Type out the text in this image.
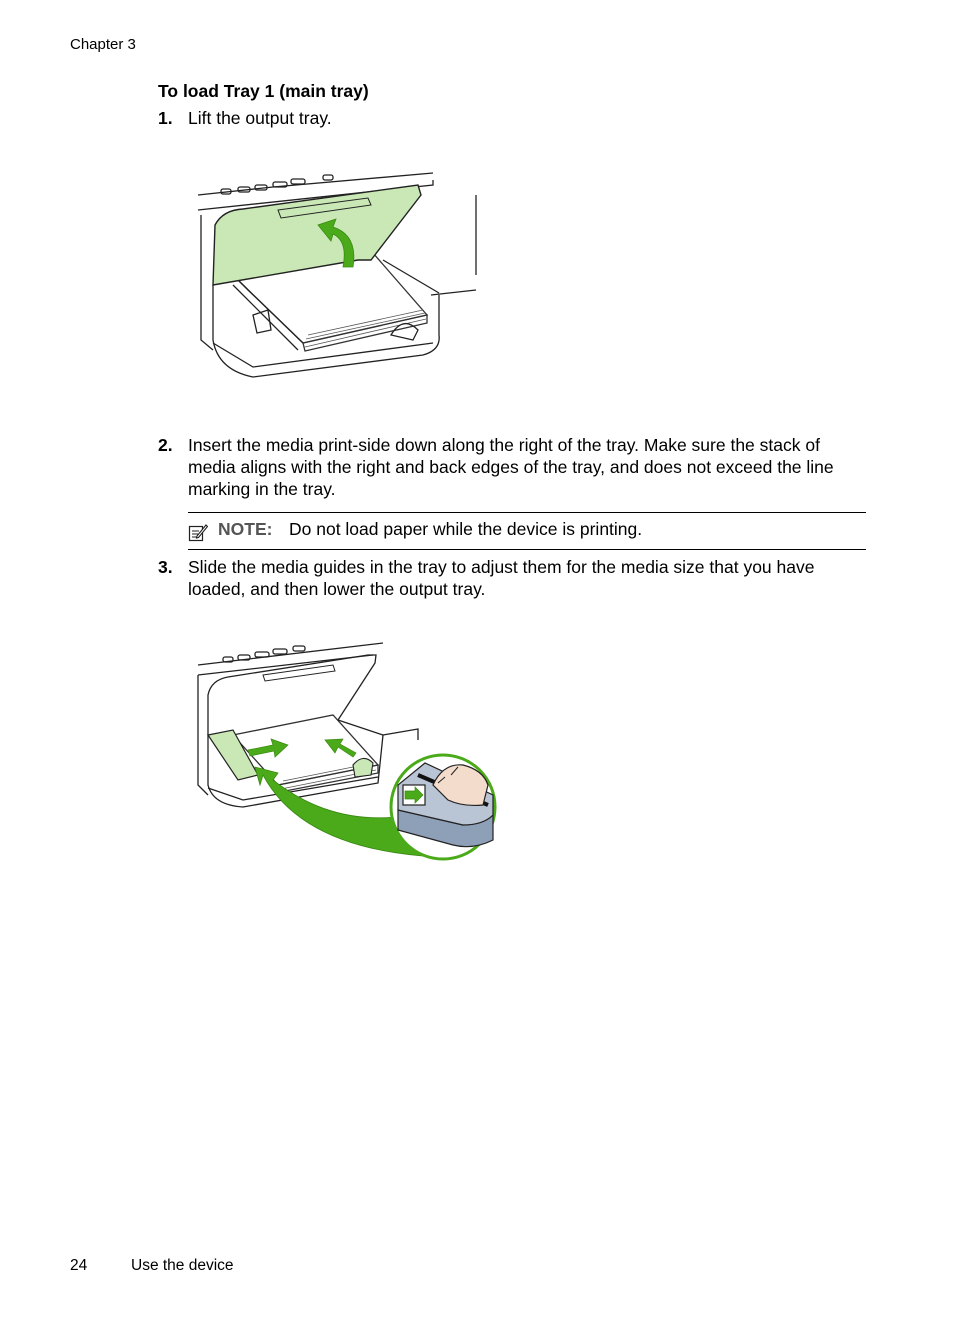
Chapter 3
To load Tray 1 (main tray)
1. Lift the output tray.
2. Insert the media print-side down along the right of the tray. Make sure the stack of media aligns with the right and back edges of the tray, and does not exceed the line marking in the tray.
NOTE: Do not load paper while the device is printing.
3. Slide the media guides in the tray to adjust them for the media size that you have loaded, and then lower the output tray.
24	Use the device
